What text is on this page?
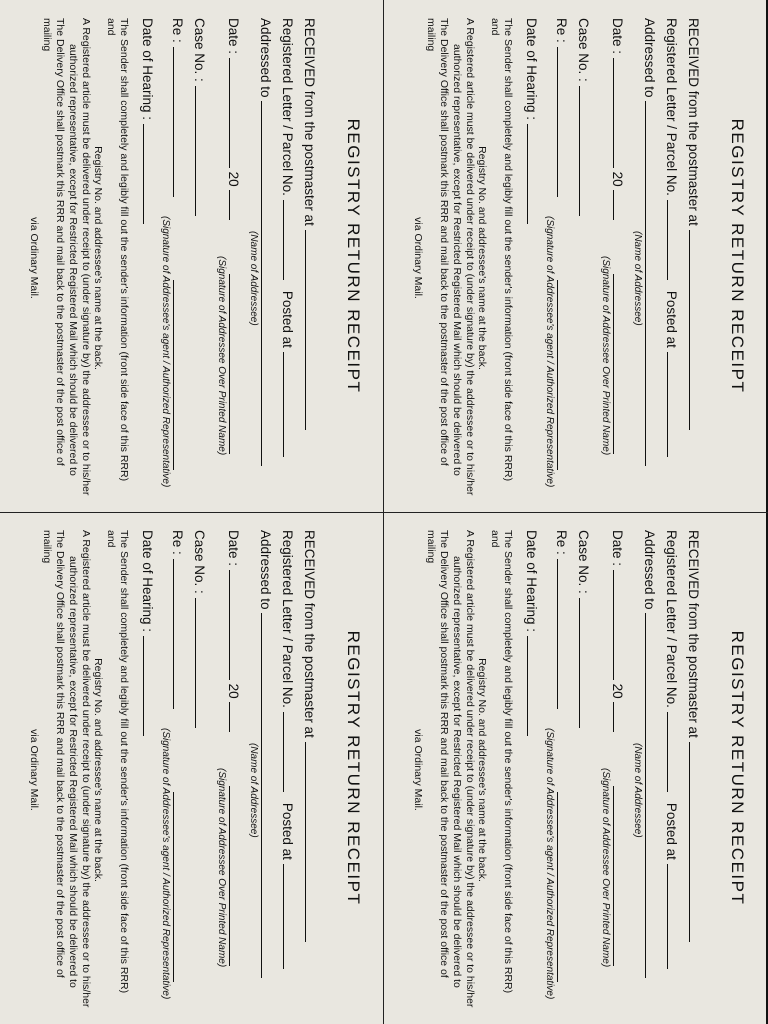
REGISTRY RETURN RECEIPT
RECEIVED from the postmaster at
Registered Letter / Parcel No.    Posted at
Addressed to
(Name of Addressee)
Date :  20
(Signature of Addressee Over Printed Name)
Case No. :
Re :
(Signature of Addressee's agent / Authorized Representative)
Date of Hearing :

The Sender shall completely and legibly fill out the sender's information (front side face of this RRR) and

Registry No. and addressee's name at the back.

A Registered article must be delivered under receipt to (under signature by) the addressee or to his/her

authorized representative, except for Restricted Registered Mail which should be delivered to

The Delivery Office shall postmark this RRR and mail back to the postmaster of the post office of mailing

via Ordinary Mail.

REGISTRY RETURN RECEIPT
RECEIVED from the postmaster at
Registered Letter / Parcel No.    Posted at
Addressed to
(Name of Addressee)
Date :  20
(Signature of Addressee Over Printed Name)
Case No. :
Re :
(Signature of Addressee's agent / Authorized Representative)
Date of Hearing :

The Sender shall completely and legibly fill out the sender's information (front side face of this RRR) and

Registry No. and addressee's name at the back.

A Registered article must be delivered under receipt to (under signature by) the addressee or to his/her

authorized representative, except for Restricted Registered Mail which should be delivered to

The Delivery Office shall postmark this RRR and mail back to the postmaster of the post office of mailing

via Ordinary Mail.

REGISTRY RETURN RECEIPT
RECEIVED from the postmaster at
Registered Letter / Parcel No.    Posted at
Addressed to
(Name of Addressee)
Date :  20
(Signature of Addressee Over Printed Name)
Case No. :
Re :
(Signature of Addressee's agent / Authorized Representative)
Date of Hearing :

The Sender shall completely and legibly fill out the sender's information (front side face of this RRR) and

Registry No. and addressee's name at the back.

A Registered article must be delivered under receipt to (under signature by) the addressee or to his/her

authorized representative, except for Restricted Registered Mail which should be delivered to

The Delivery Office shall postmark this RRR and mail back to the postmaster of the post office of mailing

via Ordinary Mail.

REGISTRY RETURN RECEIPT
RECEIVED from the postmaster at
Registered Letter / Parcel No.    Posted at
Addressed to
(Name of Addressee)
Date :  20
(Signature of Addressee Over Printed Name)
Case No. :
Re :
(Signature of Addressee's agent / Authorized Representative)
Date of Hearing :

The Sender shall completely and legibly fill out the sender's information (front side face of this RRR) and

Registry No. and addressee's name at the back.

A Registered article must be delivered under receipt to (under signature by) the addressee or to his/her

authorized representative, except for Restricted Registered Mail which should be delivered to

The Delivery Office shall postmark this RRR and mail back to the postmaster of the post office of mailing

via Ordinary Mail.
